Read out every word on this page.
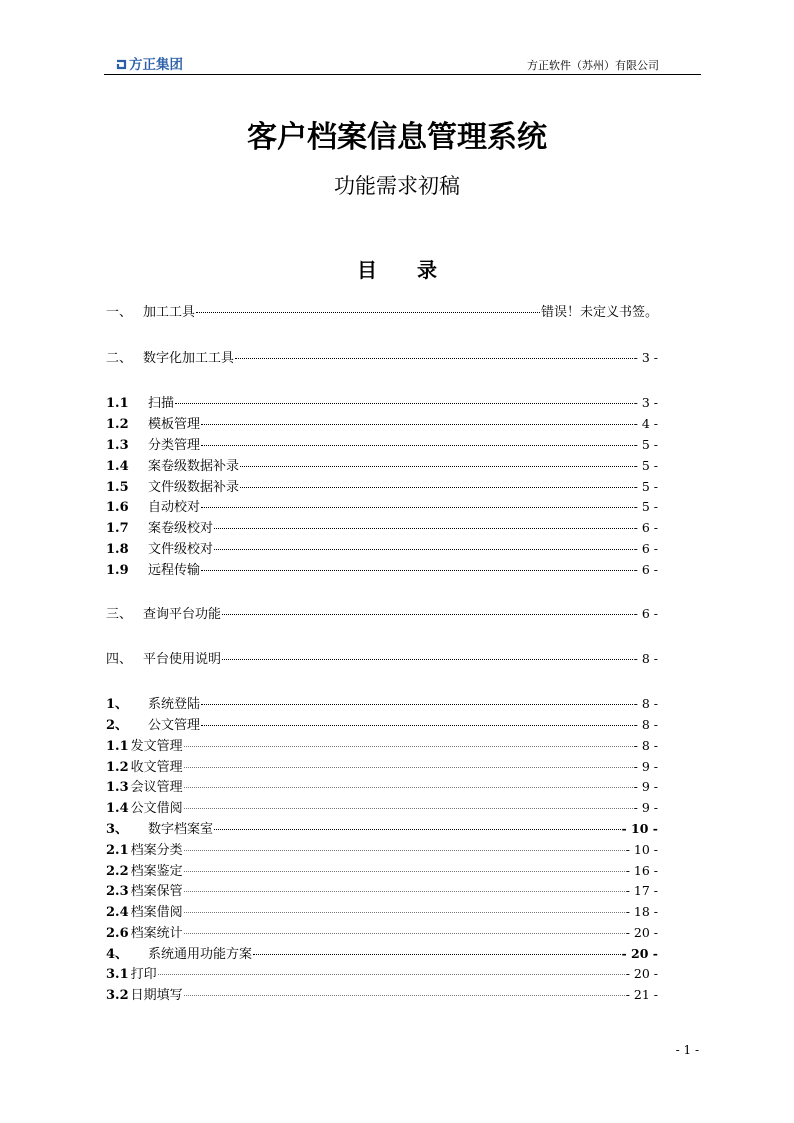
方正集团	方正软件（苏州）有限公司
客户档案信息管理系统
功能需求初稿
目 录
一、 加工工具	错误！未定义书签。
二、 数字化加工工具	- 3 -
1.1	扫描	- 3 -
1.2	模板管理	- 4 -
1.3	分类管理	- 5 -
1.4	案卷级数据补录	- 5 -
1.5	文件级数据补录	- 5 -
1.6	自动校对	- 5 -
1.7	案卷级校对	- 6 -
1.8	文件级校对	- 6 -
1.9	远程传输	- 6 -
三、 查询平台功能	- 6 -
四、 平台使用说明	- 8 -
1、	系统登陆	- 8 -
2、	公文管理	- 8 -
1.1 发文管理	- 8 -
1.2 收文管理	- 9 -
1.3 会议管理	- 9 -
1.4 公文借阅	- 9 -
3、	数字档案室	- 10 -
2.1 档案分类	- 10 -
2.2 档案鉴定	- 16 -
2.3 档案保管	- 17 -
2.4 档案借阅	- 18 -
2.6 档案统计	- 20 -
4、	系统通用功能方案	- 20 -
3.1 打印	- 20 -
3.2 日期填写	- 21 -
- 1 -
